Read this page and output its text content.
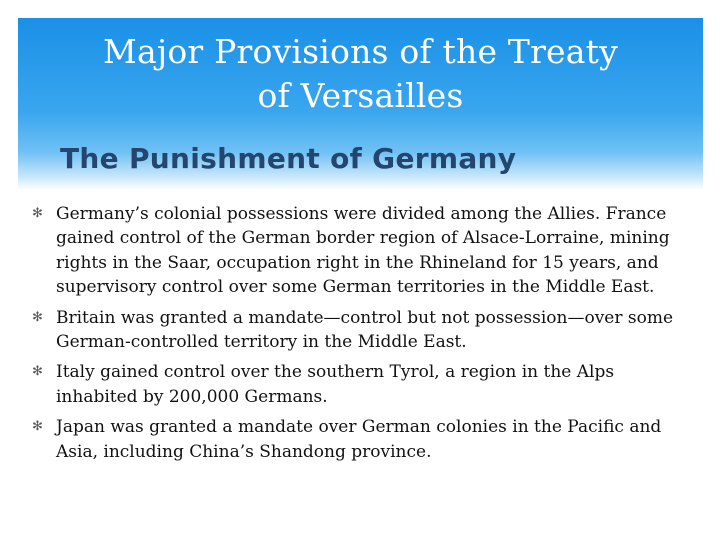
Major Provisions of the Treaty
of Versailles
The Punishment of Germany
✻ Germany’s colonial possessions were divided among the Allies. France gained control of the German border region of Alsace-Lorraine, mining rights in the Saar, occupation right in the Rhineland for 15 years, and supervisory control over some German territories in the Middle East.
✻ Britain was granted a mandate—control but not possession—over some German-controlled territory in the Middle East.
✻ Italy gained control over the southern Tyrol, a region in the Alps inhabited by 200,000 Germans.
✻ Japan was granted a mandate over German colonies in the Pacific and Asia, including China’s Shandong province.
